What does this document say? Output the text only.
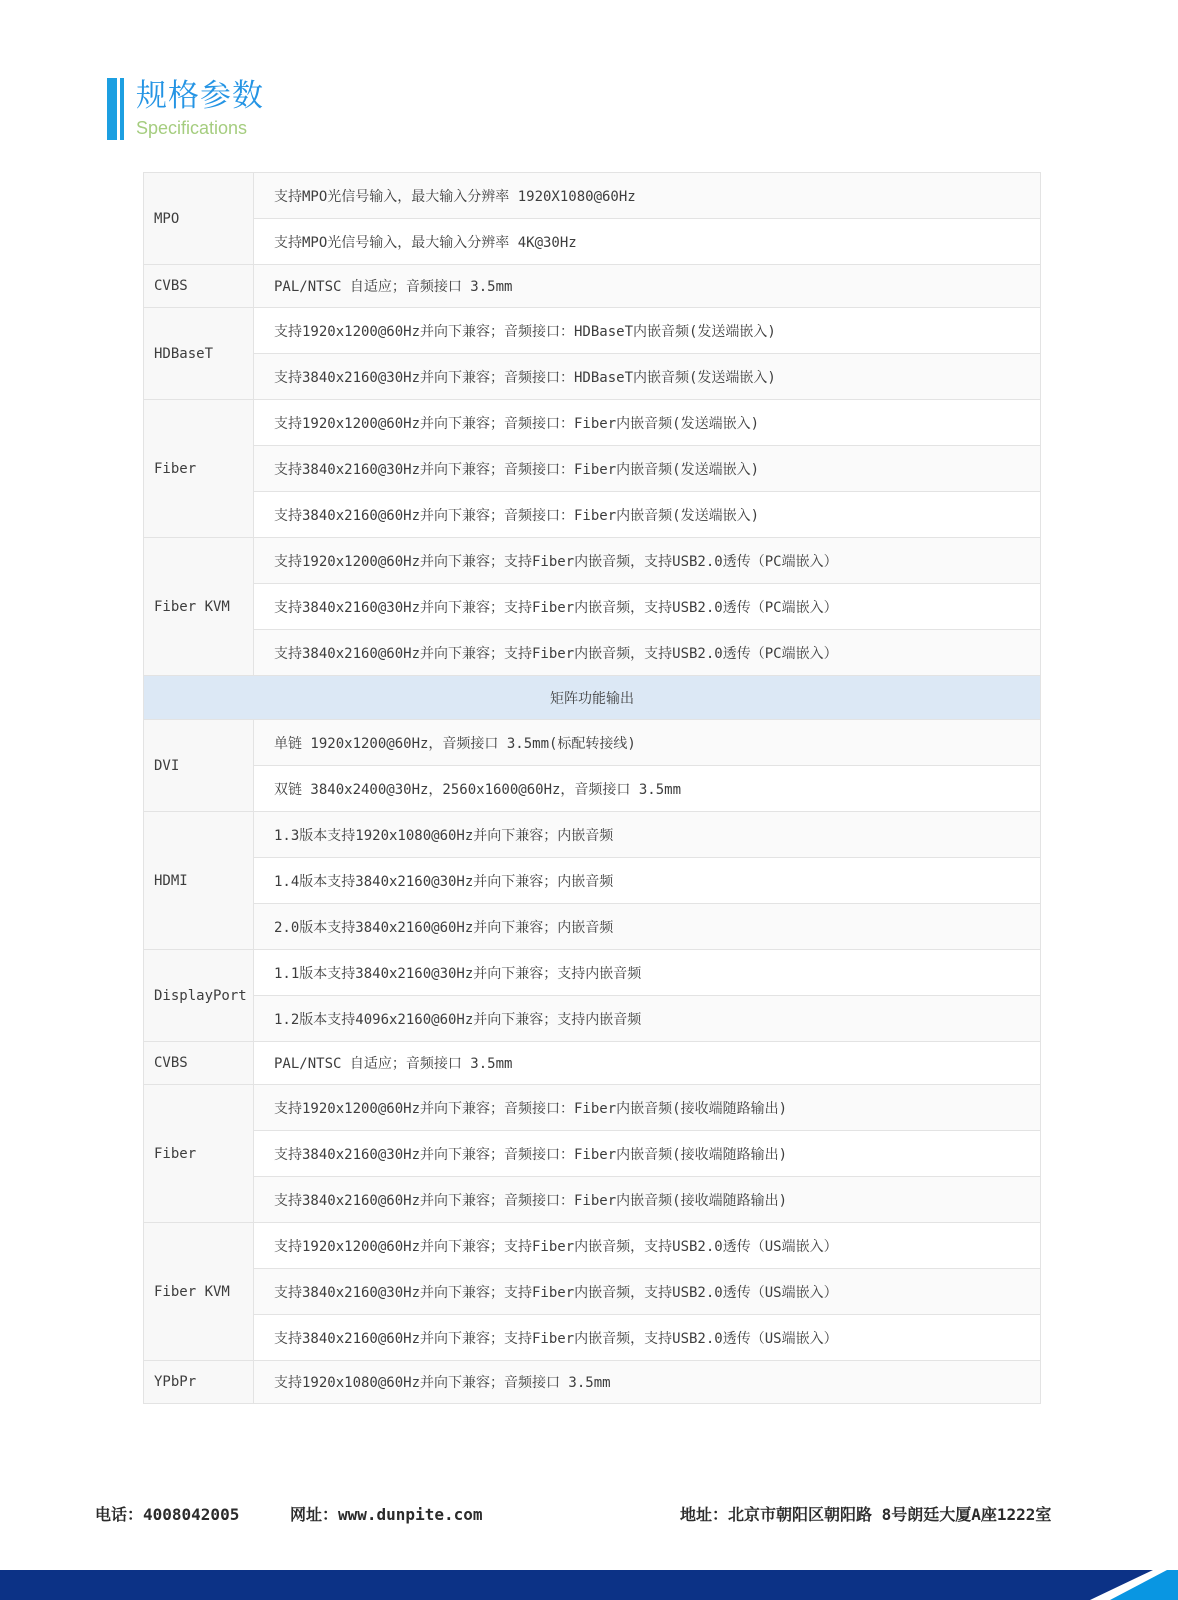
规格参数
Specifications
MPO	支持MPO光信号输入，最大输入分辨率 1920X1080@60Hz
	支持MPO光信号输入，最大输入分辨率 4K@30Hz
CVBS	PAL/NTSC 自适应；音频接口 3.5mm
HDBaseT	支持1920x1200@60Hz并向下兼容；音频接口：HDBaseT内嵌音频(发送端嵌入)
	支持3840x2160@30Hz并向下兼容；音频接口：HDBaseT内嵌音频(发送端嵌入)
Fiber	支持1920x1200@60Hz并向下兼容；音频接口：Fiber内嵌音频(发送端嵌入)
	支持3840x2160@30Hz并向下兼容；音频接口：Fiber内嵌音频(发送端嵌入)
	支持3840x2160@60Hz并向下兼容；音频接口：Fiber内嵌音频(发送端嵌入)
Fiber KVM	支持1920x1200@60Hz并向下兼容；支持Fiber内嵌音频，支持USB2.0透传（PC端嵌入）
	支持3840x2160@30Hz并向下兼容；支持Fiber内嵌音频，支持USB2.0透传（PC端嵌入）
	支持3840x2160@60Hz并向下兼容；支持Fiber内嵌音频，支持USB2.0透传（PC端嵌入）
矩阵功能输出	
DVI	单链 1920x1200@60Hz，音频接口 3.5mm(标配转接线)
	双链 3840x2400@30Hz，2560x1600@60Hz，音频接口 3.5mm
HDMI	1.3版本支持1920x1080@60Hz并向下兼容；内嵌音频
	1.4版本支持3840x2160@30Hz并向下兼容；内嵌音频
	2.0版本支持3840x2160@60Hz并向下兼容；内嵌音频
DisplayPort	1.1版本支持3840x2160@30Hz并向下兼容；支持内嵌音频
	1.2版本支持4096x2160@60Hz并向下兼容；支持内嵌音频
CVBS	PAL/NTSC 自适应；音频接口 3.5mm
Fiber	支持1920x1200@60Hz并向下兼容；音频接口：Fiber内嵌音频(接收端随路输出)
	支持3840x2160@30Hz并向下兼容；音频接口：Fiber内嵌音频(接收端随路输出)
	支持3840x2160@60Hz并向下兼容；音频接口：Fiber内嵌音频(接收端随路输出)
Fiber KVM	支持1920x1200@60Hz并向下兼容；支持Fiber内嵌音频，支持USB2.0透传（US端嵌入）
	支持3840x2160@30Hz并向下兼容；支持Fiber内嵌音频，支持USB2.0透传（US端嵌入）
	支持3840x2160@60Hz并向下兼容；支持Fiber内嵌音频，支持USB2.0透传（US端嵌入）
YPbPr	支持1920x1080@60Hz并向下兼容；音频接口 3.5mm
电话：4008042005	网址：www.dunpite.com	地址：北京市朝阳区朝阳路 8号朗廷大厦A座1222室
